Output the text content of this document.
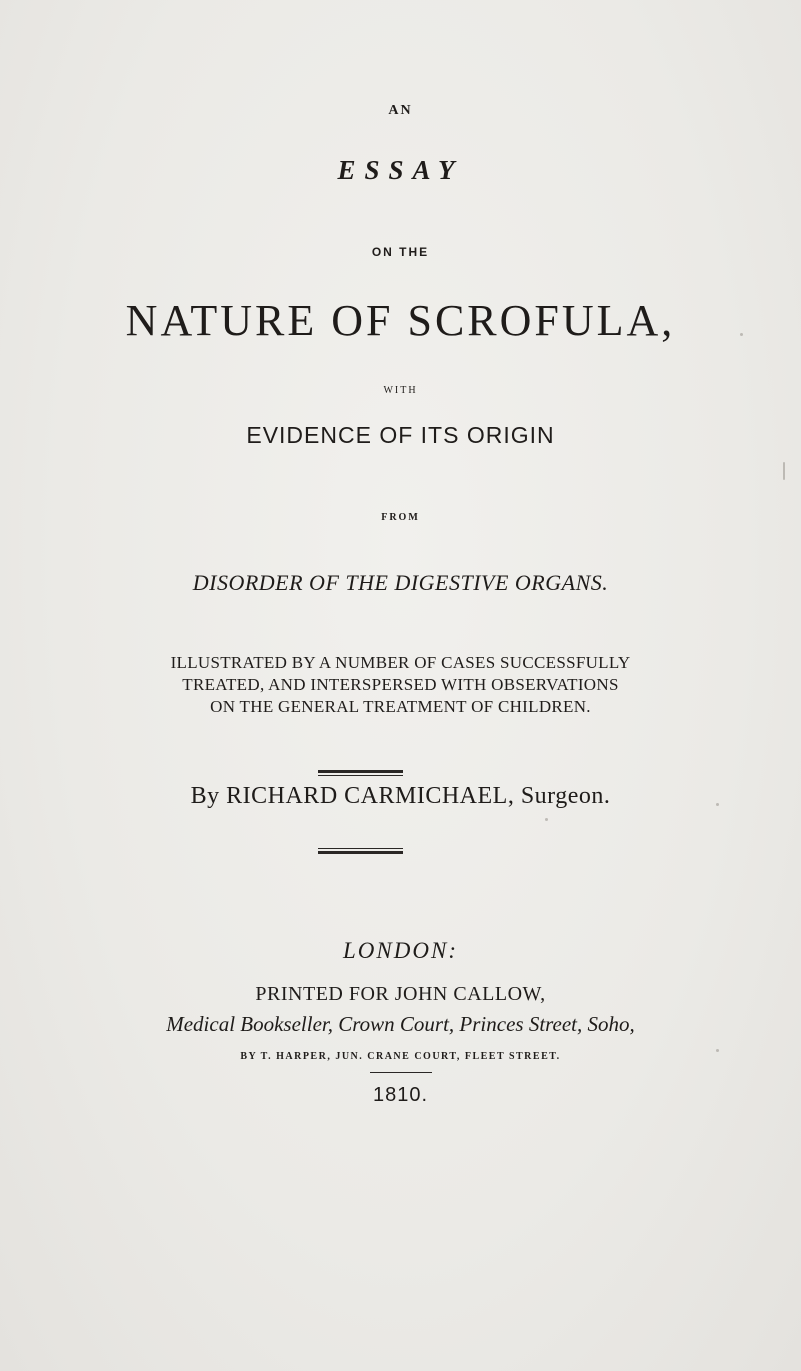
AN
ESSAY
ON THE
NATURE OF SCROFULA,
WITH
EVIDENCE OF ITS ORIGIN
FROM
DISORDER OF THE DIGESTIVE ORGANS.
ILLUSTRATED BY A NUMBER OF CASES SUCCESSFULLY
TREATED, AND INTERSPERSED WITH OBSERVATIONS
ON THE GENERAL TREATMENT OF CHILDREN.
By RICHARD CARMICHAEL, Surgeon.
LONDON:
PRINTED FOR JOHN CALLOW,
Medical Bookseller, Crown Court, Princes Street, Soho,
BY T. HARPER, JUN. CRANE COURT, FLEET STREET.
1810.
